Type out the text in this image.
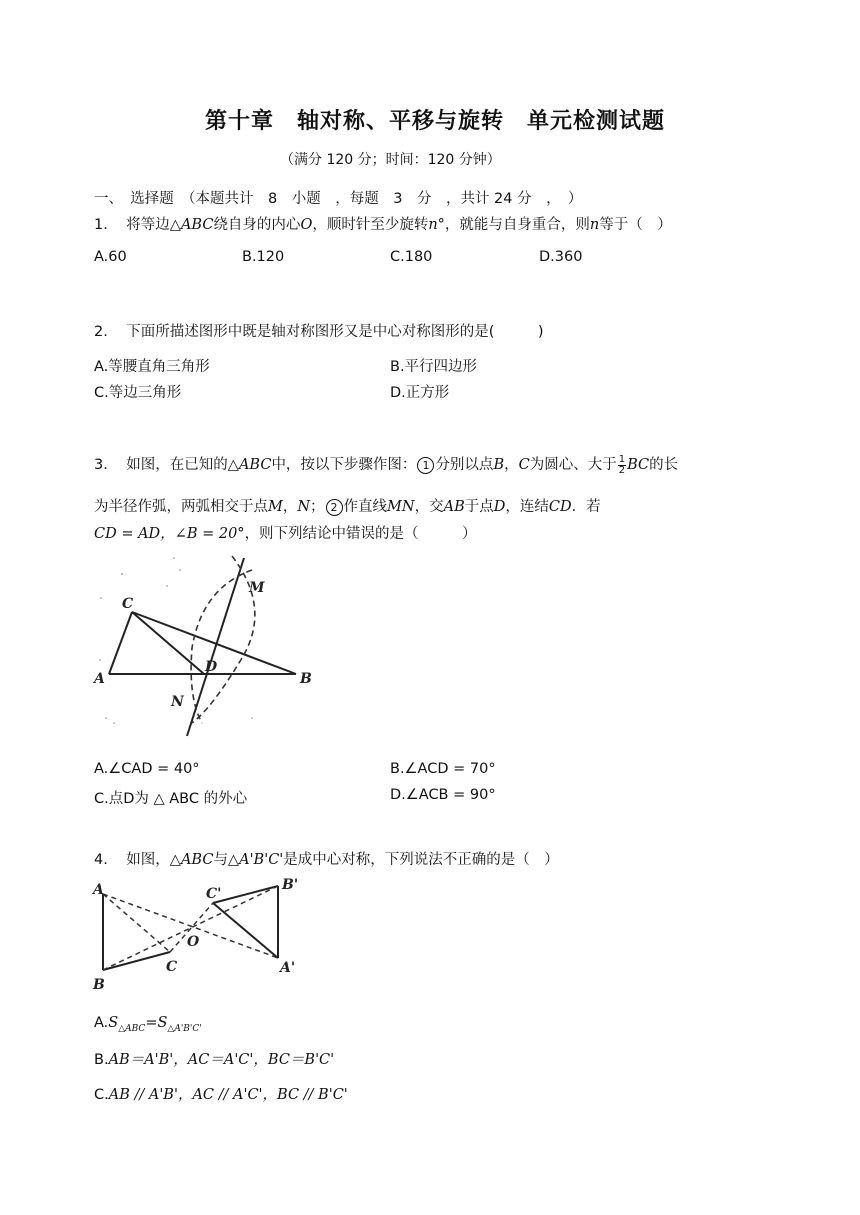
第十章　轴对称、平移与旋转　单元检测试题
（满分 120 分；时间：120 分钟）
一、　选择题　（本题共计　8　小题　，每题　3　分　，共计 24 分　，　）
1. 将等边△ABC绕自身的内心O，顺时针至少旋转n°，就能与自身重合，则n等于（　）
A.60	B.120	C.180	D.360
2. 下面所描述图形中既是轴对称图形又是中心对称图形的是(　　　)
A.等腰直角三角形	B.平行四边形
C.等边三角形	D.正方形
3. 如图，在已知的△ABC中，按以下步骤作图： 1 分别以点B，C为圆心、大于 $\frac{1}{2}$ BC的长
为半径作弧，两弧相交于点M，N； 2 作直线MN，交AB于点D，连结CD．若
CD = AD，∠B = 20°，则下列结论中错误的是（　　　）
C
M
D
A	B
N
A.∠CAD = 40°	B.∠ACD = 70°
C.点D为 △ ABC 的外心	D.∠ACB = 90°
4. 如图，△ABC与△A'B'C'是成中心对称，下列说法不正确的是（　）
A	C'
B'
O
C	A'
B
$A.S_{\triangle ABC}=S_{\triangle A'B'C'}$
B.AB＝A'B'，AC＝A'C'，BC＝B'C'
C.AB // A'B'，AC // A'C'，BC // B'C'
